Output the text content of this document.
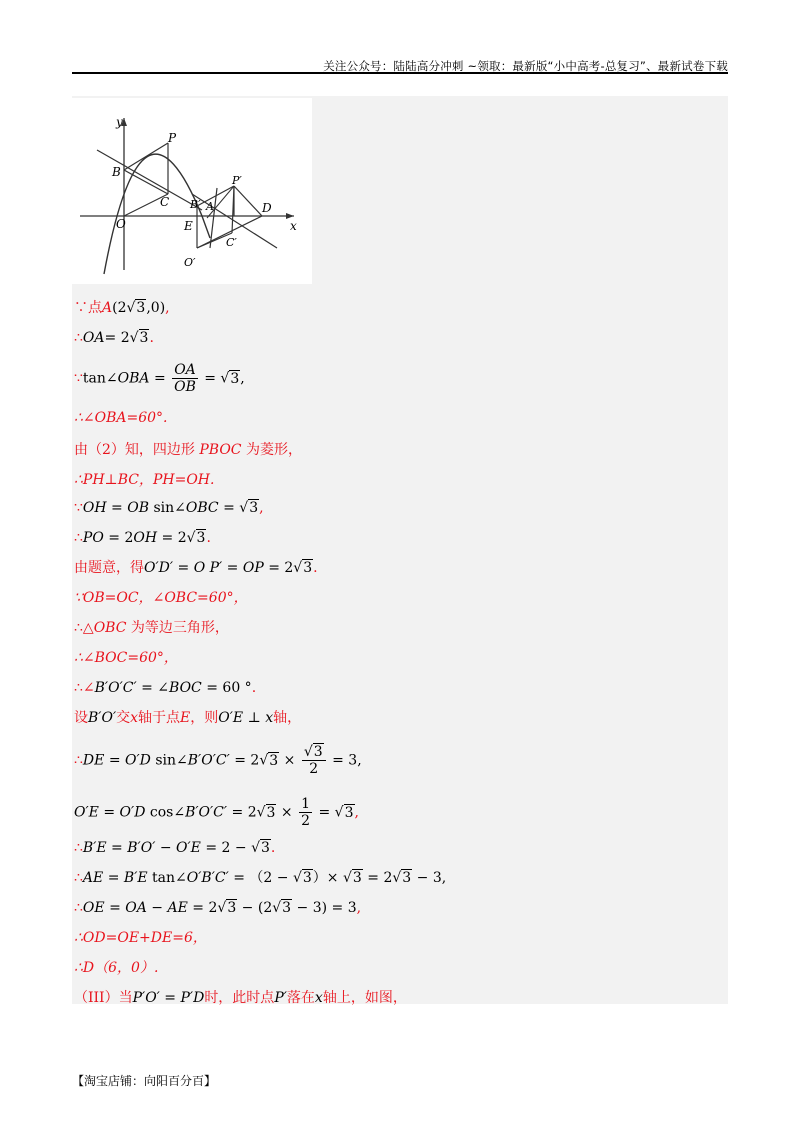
关注公众号：陆陆高分冲刺 ~领取：最新版“小中高考-总复习”、最新试卷下载
y
x
P
B
C
O	E
B′ A
P′
D
C′
O′
∵点A(2√3,0),
∴OA= 2√3.
∵tan∠OBA = $\frac{OA}{OB} = √3$,
∴∠OBA=60°.
由（2）知，四边形 PBOC 为菱形，
∴PH⊥BC，PH=OH.
∵OH = OB sin∠OBC = √3,
∴PO = 2OH = 2√3.
由题意，得O′D′ = O P′ = OP = 2√3.
∵OB=OC，∠OBC=60°，
∴△OBC 为等边三角形，
∴∠BOC=60°，
∴∠B′O′C′ = ∠BOC = 60 °.
设B′O′交x轴于点E，则O′E ⊥ x轴，
∴DE = O′D sin∠B′O′C′ = $2√3 \times \frac{√3}{2} = 3$,
O′E = O′D cos∠B′O′C′ = $2√3 \times \frac{1}{2} = √3$,
∴B′E = B′O′ − O′E = 2 − √3.
∴AE = B′E tan∠O′B′C′ = （2 − √3）× √3 = 2√3 − 3,
∴OE = OA − AE = 2√3 − (2√3 − 3) = 3,
∴OD=OE+DE=6，
∴D（6，0）.
（III）当P′O′ = P′D时，此时点P′落在x轴上，如图，
【淘宝店铺：向阳百分百】
